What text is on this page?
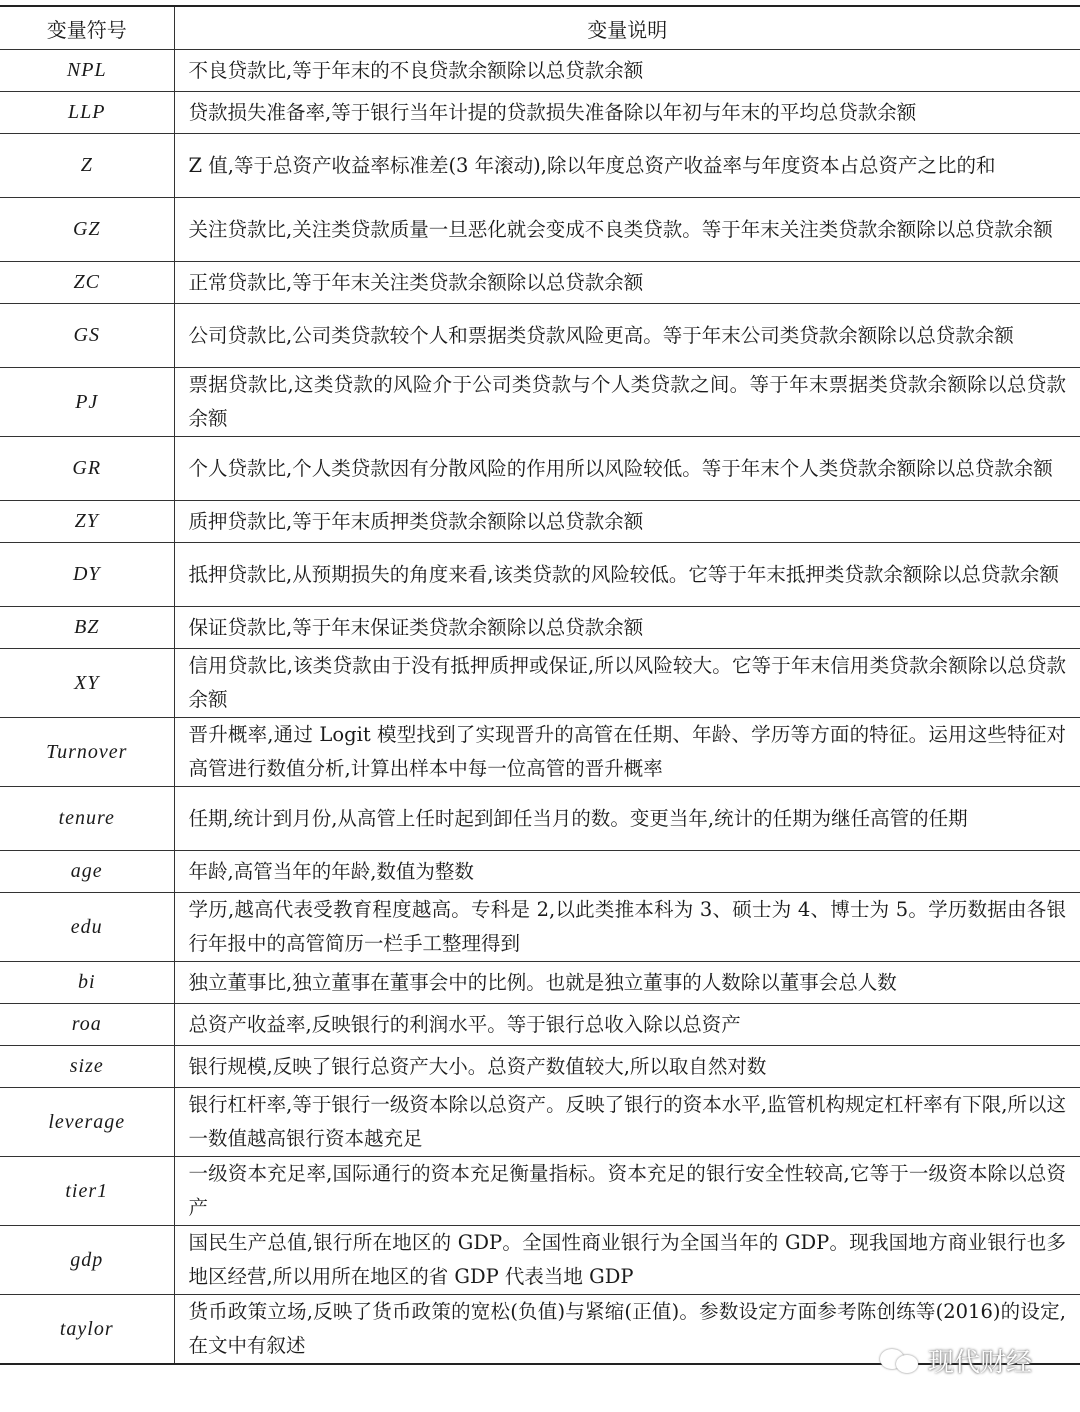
变量符号	变量说明
NPL	不良贷款比,等于年末的不良贷款余额除以总贷款余额
LLP	贷款损失准备率,等于银行当年计提的贷款损失准备除以年初与年末的平均总贷款余额
Z	Z 值,等于总资产收益率标准差(3 年滚动),除以年度总资产收益率与年度资本占总资产之比的和
GZ	关注贷款比,关注类贷款质量一旦恶化就会变成不良类贷款。等于年末关注类贷款余额除以总贷款余额
ZC	正常贷款比,等于年末关注类贷款余额除以总贷款余额
GS	公司贷款比,公司类贷款较个人和票据类贷款风险更高。等于年末公司类贷款余额除以总贷款余额
PJ	票据贷款比,这类贷款的风险介于公司类贷款与个人类贷款之间。等于年末票据类贷款余额除以总贷款余额
GR	个人贷款比,个人类贷款因有分散风险的作用所以风险较低。等于年末个人类贷款余额除以总贷款余额
ZY	质押贷款比,等于年末质押类贷款余额除以总贷款余额
DY	抵押贷款比,从预期损失的角度来看,该类贷款的风险较低。它等于年末抵押类贷款余额除以总贷款余额
BZ	保证贷款比,等于年末保证类贷款余额除以总贷款余额
XY	信用贷款比,该类贷款由于没有抵押质押或保证,所以风险较大。它等于年末信用类贷款余额除以总贷款余额
Turnover	晋升概率,通过 Logit 模型找到了实现晋升的高管在任期、年龄、学历等方面的特征。运用这些特征对高管进行数值分析,计算出样本中每一位高管的晋升概率
tenure	任期,统计到月份,从高管上任时起到卸任当月的数。变更当年,统计的任期为继任高管的任期
age	年龄,高管当年的年龄,数值为整数
edu	学历,越高代表受教育程度越高。专科是 2,以此类推本科为 3、硕士为 4、博士为 5。学历数据由各银行年报中的高管简历一栏手工整理得到
bi	独立董事比,独立董事在董事会中的比例。也就是独立董事的人数除以董事会总人数
roa	总资产收益率,反映银行的利润水平。等于银行总收入除以总资产
size	银行规模,反映了银行总资产大小。总资产数值较大,所以取自然对数
leverage	银行杠杆率,等于银行一级资本除以总资产。反映了银行的资本水平,监管机构规定杠杆率有下限,所以这一数值越高银行资本越充足
tier1	一级资本充足率,国际通行的资本充足衡量指标。资本充足的银行安全性较高,它等于一级资本除以总资产
gdp	国民生产总值,银行所在地区的 GDP。全国性商业银行为全国当年的 GDP。现我国地方商业银行也多地区经营,所以用所在地区的省 GDP 代表当地 GDP
taylor	货币政策立场,反映了货币政策的宽松(负值)与紧缩(正值)。参数设定方面参考陈创练等(2016)的设定,在文中有叙述
现代财经
